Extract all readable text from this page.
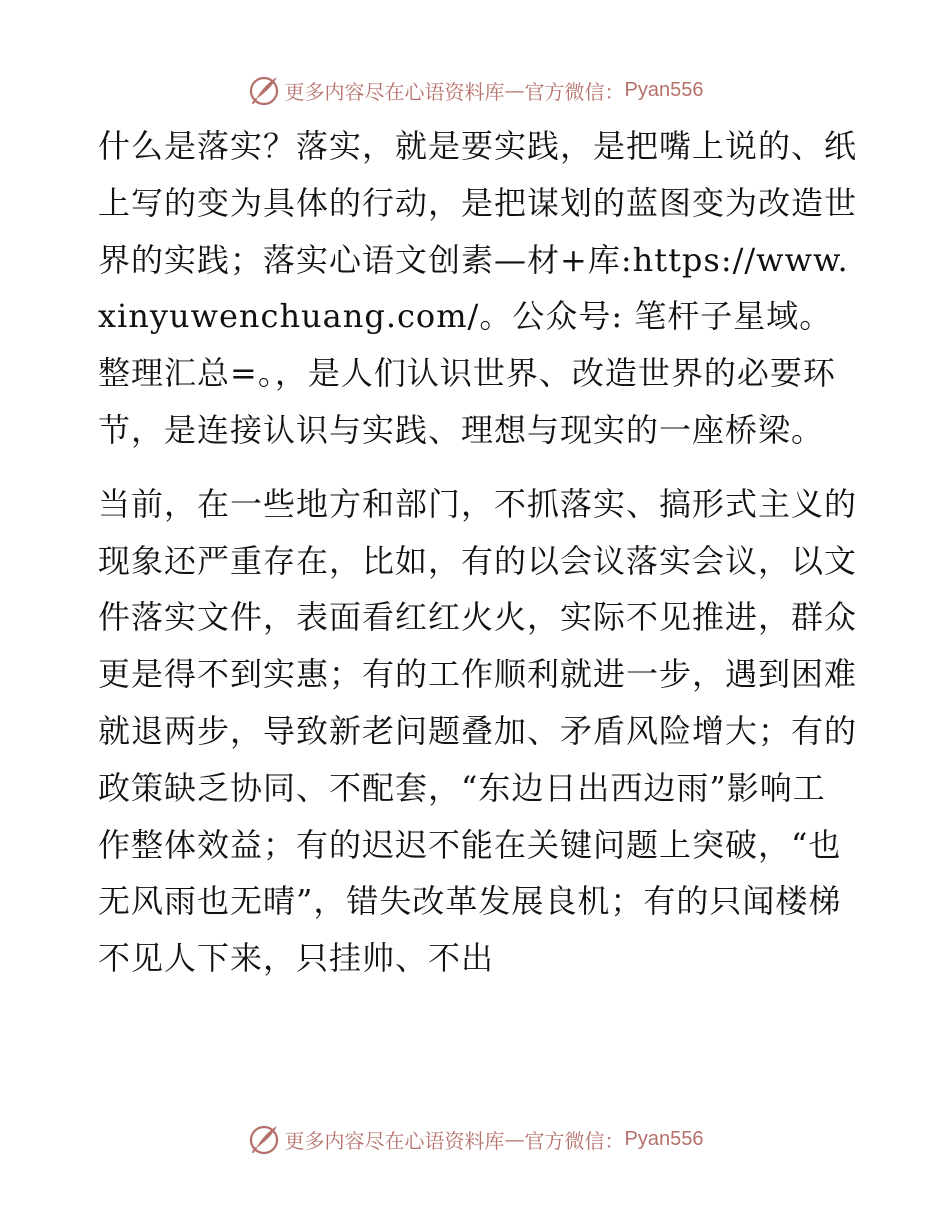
更多内容尽在心语资料库 — 官方微信： Pyan556

什么是落实？落实，就是要实践，是把嘴上说的、纸上写的变为具体的行动，是把谋划的蓝图变为改造世界的实践；落实心语文创素—材+库:https://www.xinyuwenchuang.com/。公众号: 笔杆子星域。整理汇总=。，是人们认识世界、改造世界的必要环节，是连接认识与实践、理想与现实的一座桥梁。

当前，在一些地方和部门，不抓落实、搞形式主义的现象还严重存在，比如，有的以会议落实会议，以文件落实文件，表面看红红火火，实际不见推进，群众更是得不到实惠；有的工作顺利就进一步，遇到困难就退两步，导致新老问题叠加、矛盾风险增大；有的政策缺乏协同、不配套，“东边日出西边雨”影响工作整体效益；有的迟迟不能在关键问题上突破，“也无风雨也无晴”，错失改革发展良机；有的只闻楼梯不见人下来，只挂帅、不出

更多内容尽在心语资料库 — 官方微信： Pyan556
